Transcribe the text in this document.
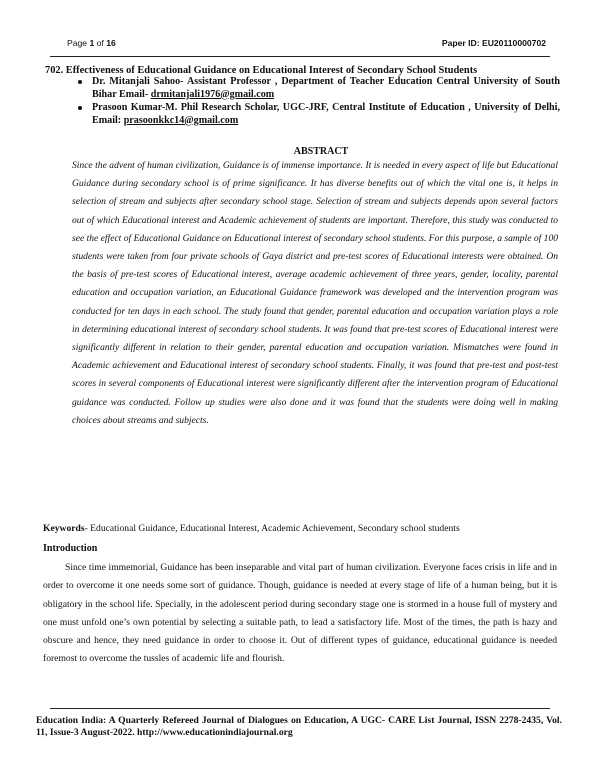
Page 1 of 16	Paper ID: EU20110000702
702. Effectiveness of Educational Guidance on Educational Interest of Secondary School Students
Dr. Mitanjali Sahoo- Assistant Professor , Department of Teacher Education Central University of South Bihar Email- drmitanjali1976@gmail.com
Prasoon Kumar-M. Phil Research Scholar, UGC-JRF, Central Institute of Education , University of Delhi, Email: prasoonkkc14@gmail.com
ABSTRACT
Since the advent of human civilization, Guidance is of immense importance. It is needed in every aspect of life but Educational Guidance during secondary school is of prime significance. It has diverse benefits out of which the vital one is, it helps in selection of stream and subjects after secondary school stage. Selection of stream and subjects depends upon several factors out of which Educational interest and Academic achievement of students are important. Therefore, this study was conducted to see the effect of Educational Guidance on Educational interest of secondary school students. For this purpose, a sample of 100 students were taken from four private schools of Gaya district and pre-test scores of Educational interests were obtained. On the basis of pre-test scores of Educational interest, average academic achievement of three years, gender, locality, parental education and occupation variation, an Educational Guidance framework was developed and the intervention program was conducted for ten days in each school. The study found that gender, parental education and occupation variation plays a role in determining educational interest of secondary school students. It was found that pre-test scores of Educational interest were significantly different in relation to their gender, parental education and occupation variation. Mismatches were found in Academic achievement and Educational interest of secondary school students. Finally, it was found that pre-test and post-test scores in several components of Educational interest were significantly different after the intervention program of Educational guidance was conducted. Follow up studies were also done and it was found that the students were doing well in making choices about streams and subjects.
Keywords- Educational Guidance, Educational Interest, Academic Achievement, Secondary school students
Introduction
Since time immemorial, Guidance has been inseparable and vital part of human civilization. Everyone faces crisis in life and in order to overcome it one needs some sort of guidance. Though, guidance is needed at every stage of life of a human being, but it is obligatory in the school life. Specially, in the adolescent period during secondary stage one is stormed in a house full of mystery and one must unfold one’s own potential by selecting a suitable path, to lead a satisfactory life. Most of the times, the path is hazy and obscure and hence, they need guidance in order to choose it. Out of different types of guidance, educational guidance is needed foremost to overcome the tussles of academic life and flourish.
Education India: A Quarterly Refereed Journal of Dialogues on Education, A UGC- CARE List Journal, ISSN 2278-2435, Vol. 11, Issue-3 August-2022. http://www.educationindiajournal.org
